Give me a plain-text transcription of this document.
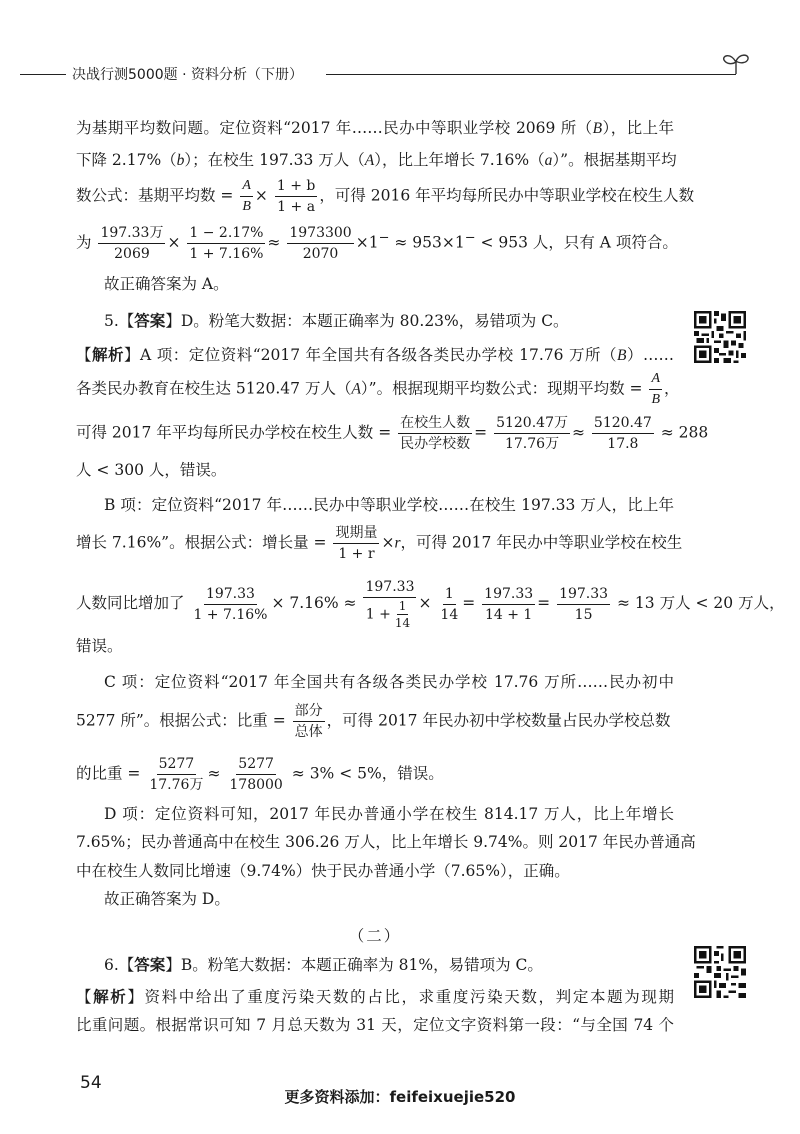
决战行测5000题 · 资料分析（下册）
为基期平均数问题。定位资料“2017 年……民办中等职业学校 2069 所（B），比上年
下降 2.17%（b）；在校生 197.33 万人（A），比上年增长 7.16%（a）”。根据基期平均
数公式：基期平均数 = $\frac{A}{B} \times \frac{1 + b}{1 + a}$ ，可得 2016 年平均每所民办中等职业学校在校生人数
为 $\frac{\text{197.33万}}{2069} \times \frac{1 - 2.17\%}{1 + 7.16\%} \approx \frac{1973300}{2070} \times 1^- \approx 953\times 1^- < 953$ 人，只有 A 项符合。
故正确答案为 A。
5.【答案】D。粉笔大数据：本题正确率为 80.23%，易错项为 C。
【解析】A 项：定位资料“2017 年全国共有各级各类民办学校 17.76 万所（B）……
各类民办教育在校生达 5120.47 万人（A）”。根据现期平均数公式：现期平均数 = $\frac{A}{B}$ ，
可得 2017 年平均每所民办学校在校生人数 = $\frac{\text{在校生人数}}{\text{民办学校数}} = \frac{\text{5120.47万}}{\text{17.76万}} \approx \frac{5120.47}{17.8} \approx 288$
人 < 300 人，错误。
B 项：定位资料“2017 年……民办中等职业学校……在校生 197.33 万人，比上年
增长 7.16%”。根据公式：增长量 = $\frac{\text{现期量}}{1 + r} \times r$，可得 2017 年民办中等职业学校在校生
人数同比增加了 $\frac{197.33}{1 + 7.16\%} \times 7.16\% \approx \frac{197.33}{1 + \frac{1}{14}} \times \frac{1}{14} = \frac{197.33}{14 + 1} = \frac{197.33}{15} \approx 13$ 万人 < 20 万人，
错误。
C 项：定位资料“2017 年全国共有各级各类民办学校 17.76 万所……民办初中
5277 所”。根据公式：比重 = $\frac{\text{部分}}{\text{总体}}$ ，可得 2017 年民办初中学校数量占民办学校总数
的比重 = $\frac{5277}{\text{17.76万}} \approx \frac{5277}{178000} \approx 3\% < 5\%$，错误。
D 项：定位资料可知，2017 年民办普通小学在校生 814.17 万人，比上年增长
7.65%；民办普通高中在校生 306.26 万人，比上年增长 9.74%。则 2017 年民办普通高
中在校生人数同比增速（9.74%）快于民办普通小学（7.65%），正确。
故正确答案为 D。
（二）
6.【答案】B。粉笔大数据：本题正确率为 81%，易错项为 C。
【解析】资料中给出了重度污染天数的占比，求重度污染天数，判定本题为现期
比重问题。根据常识可知 7 月总天数为 31 天，定位文字资料第一段：“与全国 74 个
54
更多资料添加：feifeixuejie520
